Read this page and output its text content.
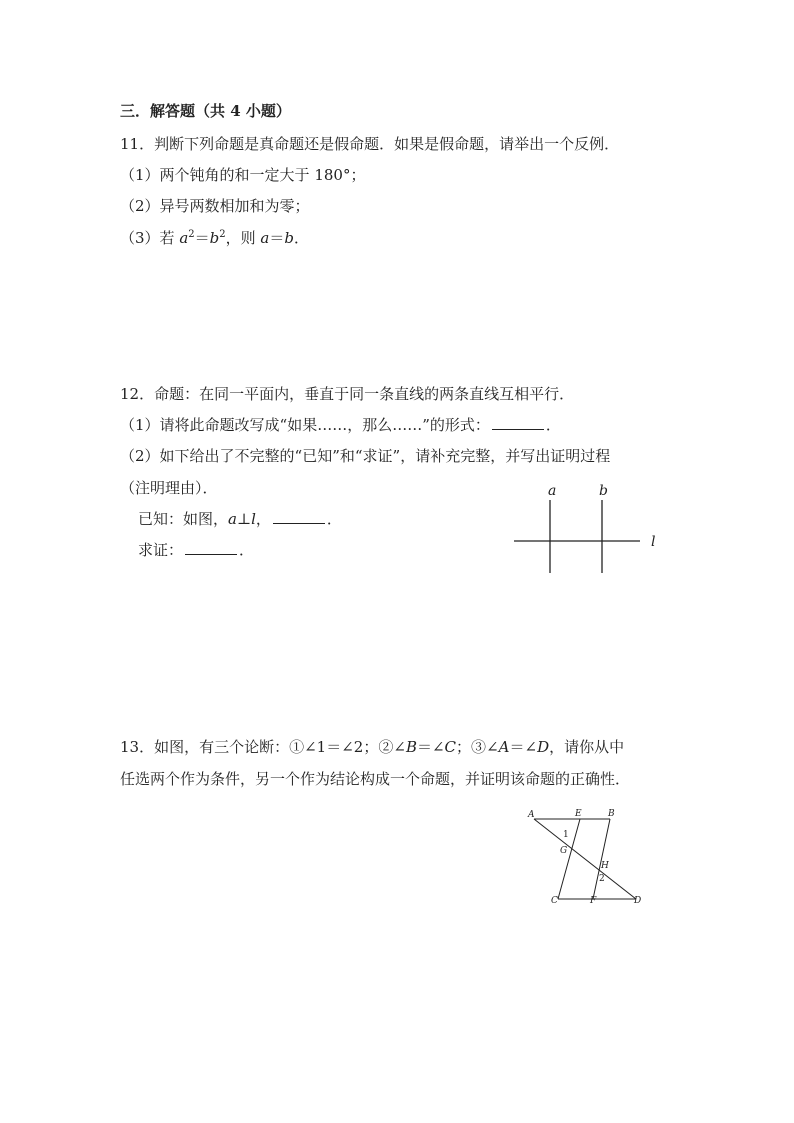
三．解答题（共 4 小题）
11．判断下列命题是真命题还是假命题．如果是假命题，请举出一个反例．
（1）两个钝角的和一定大于 180°；
（2）异号两数相加和为零；
（3）若 $a^2=b^2$，则 a＝b．
12．命题：在同一平面内，垂直于同一条直线的两条直线互相平行．
（1）请将此命题改写成“如果……，那么……”的形式：	．
（2）如下给出了不完整的“已知”和“求证”，请补充完整，并写出证明过程
（注明理由）．
已知：如图，a⊥l，	．
求证：	．
a	b
l
13．如图，有三个论断：①∠1＝∠2；②∠B＝∠C；③∠A＝∠D，请你从中
任选两个作为条件，另一个作为结论构成一个命题，并证明该命题的正确性．
A	E	B
1
G
H
2
C	F	D
